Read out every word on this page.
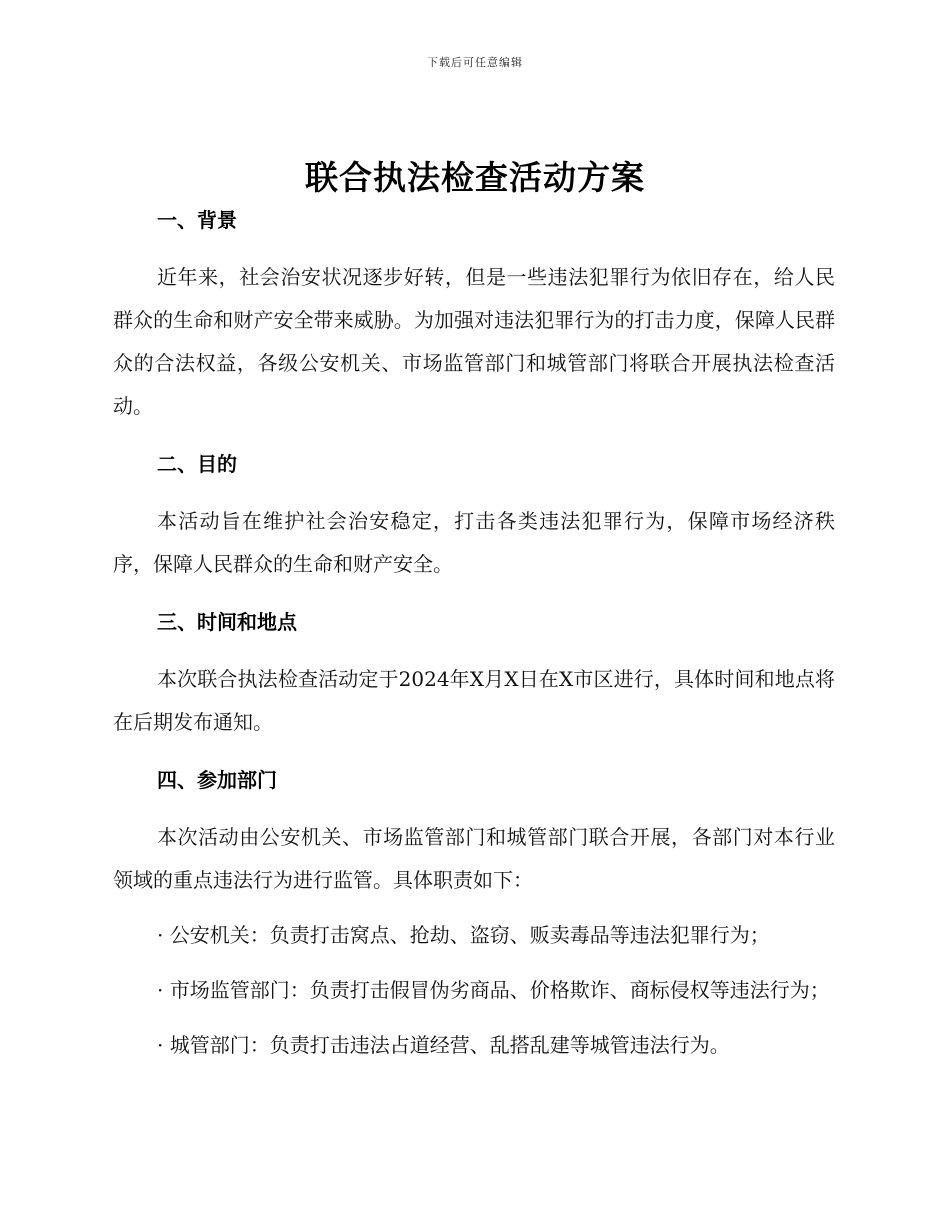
下载后可任意编辑
联合执法检查活动方案
一、背景

近年来，社会治安状况逐步好转，但是一些违法犯罪行为依旧存在，给人民群众的生命和财产安全带来威胁。为加强对违法犯罪行为的打击力度，保障人民群众的合法权益，各级公安机关、市场监管部门和城管部门将联合开展执法检查活动。

二、目的

本活动旨在维护社会治安稳定，打击各类违法犯罪行为，保障市场经济秩序，保障人民群众的生命和财产安全。

三、时间和地点

本次联合执法检查活动定于2024年X月X日在X市区进行，具体时间和地点将在后期发布通知。

四、参加部门

本次活动由公安机关、市场监管部门和城管部门联合开展，各部门对本行业领域的重点违法行为进行监管。具体职责如下：

· 公安机关：负责打击窝点、抢劫、盗窃、贩卖毒品等违法犯罪行为；

· 市场监管部门：负责打击假冒伪劣商品、价格欺诈、商标侵权等违法行为；

· 城管部门：负责打击违法占道经营、乱搭乱建等城管违法行为。
